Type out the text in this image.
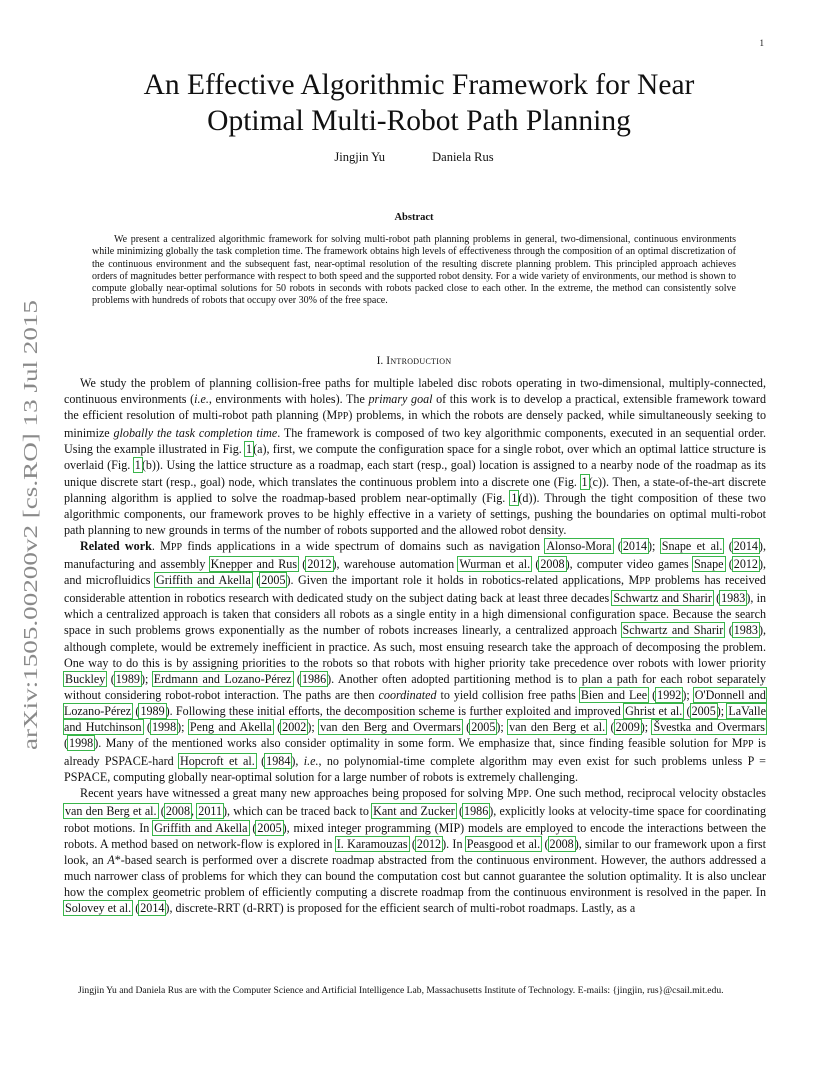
1
arXiv:1505.00200v2 [cs.RO] 13 Jul 2015
An Effective Algorithmic Framework for Near
Optimal Multi-Robot Path Planning
Jingjin Yu	Daniela Rus
Abstract
We present a centralized algorithmic framework for solving multi-robot path planning problems in general, two-dimensional, continuous environments while minimizing globally the task completion time. The framework obtains high levels of effectiveness through the composition of an optimal discretization of the continuous environment and the subsequent fast, near-optimal resolution of the resulting discrete planning problem. This principled approach achieves orders of magnitudes better performance with respect to both speed and the supported robot density. For a wide variety of environments, our method is shown to compute globally near-optimal solutions for 50 robots in seconds with robots packed close to each other. In the extreme, the method can consistently solve problems with hundreds of robots that occupy over 30% of the free space.
I. Introduction

We study the problem of planning collision-free paths for multiple labeled disc robots operating in two-dimensional, multiply-connected, continuous environments (i.e., environments with holes). The primary goal of this work is to develop a practical, extensible framework toward the efficient resolution of multi-robot path planning (MPP) problems, in which the robots are densely packed, while simultaneously seeking to minimize globally the task completion time. The framework is composed of two key algorithmic components, executed in an sequential order. Using the example illustrated in Fig. 1(a), first, we compute the configuration space for a single robot, over which an optimal lattice structure is overlaid (Fig. 1(b)). Using the lattice structure as a roadmap, each start (resp., goal) location is assigned to a nearby node of the roadmap as its unique discrete start (resp., goal) node, which translates the continuous problem into a discrete one (Fig. 1(c)). Then, a state-of-the-art discrete planning algorithm is applied to solve the roadmap-based problem near-optimally (Fig. 1(d)). Through the tight composition of these two algorithmic components, our framework proves to be highly effective in a variety of settings, pushing the boundaries on optimal multi-robot path planning to new grounds in terms of the number of robots supported and the allowed robot density.

Related work. MPP finds applications in a wide spectrum of domains such as navigation Alonso-Mora (2014); Snape et al. (2014), manufacturing and assembly Knepper and Rus (2012), warehouse automation Wurman et al. (2008), computer video games Snape (2012), and microfluidics Griffith and Akella (2005). Given the important role it holds in robotics-related applications, MPP problems has received considerable attention in robotics research with dedicated study on the subject dating back at least three decades Schwartz and Sharir (1983), in which a centralized approach is taken that considers all robots as a single entity in a high dimensional configuration space. Because the search space in such problems grows exponentially as the number of robots increases linearly, a centralized approach Schwartz and Sharir (1983), although complete, would be extremely inefficient in practice. As such, most ensuing research take the approach of decomposing the problem. One way to do this is by assigning priorities to the robots so that robots with higher priority take precedence over robots with lower priority Buckley (1989); Erdmann and Lozano-Pérez (1986). Another often adopted partitioning method is to plan a path for each robot separately without considering robot-robot interaction. The paths are then coordinated to yield collision free paths Bien and Lee (1992); O'Donnell and Lozano-Pérez (1989). Following these initial efforts, the decomposition scheme is further exploited and improved Ghrist et al. (2005); LaValle and Hutchinson (1998); Peng and Akella (2002); van den Berg and Overmars (2005); van den Berg et al. (2009); Švestka and Overmars (1998). Many of the mentioned works also consider optimality in some form. We emphasize that, since finding feasible solution for MPP is already PSPACE-hard Hopcroft et al. (1984), i.e., no polynomial-time complete algorithm may even exist for such problems unless P = PSPACE, computing globally near-optimal solution for a large number of robots is extremely challenging.

Recent years have witnessed a great many new approaches being proposed for solving MPP. One such method, reciprocal velocity obstacles van den Berg et al. (2008, 2011), which can be traced back to Kant and Zucker (1986), explicitly looks at velocity-time space for coordinating robot motions. In Griffith and Akella (2005), mixed integer programming (MIP) models are employed to encode the interactions between the robots. A method based on network-flow is explored in I. Karamouzas (2012). In Peasgood et al. (2008), similar to our framework upon a first look, an A*-based search is performed over a discrete roadmap abstracted from the continuous environment. However, the authors addressed a much narrower class of problems for which they can bound the computation cost but cannot guarantee the solution optimality. It is also unclear how the complex geometric problem of efficiently computing a discrete roadmap from the continuous environment is resolved in the paper. In Solovey et al. (2014), discrete-RRT (d-RRT) is proposed for the efficient search of multi-robot roadmaps. Lastly, as a

Jingjin Yu and Daniela Rus are with the Computer Science and Artificial Intelligence Lab, Massachusetts Institute of Technology. E-mails: {jingjin, rus}@csail.mit.edu.
